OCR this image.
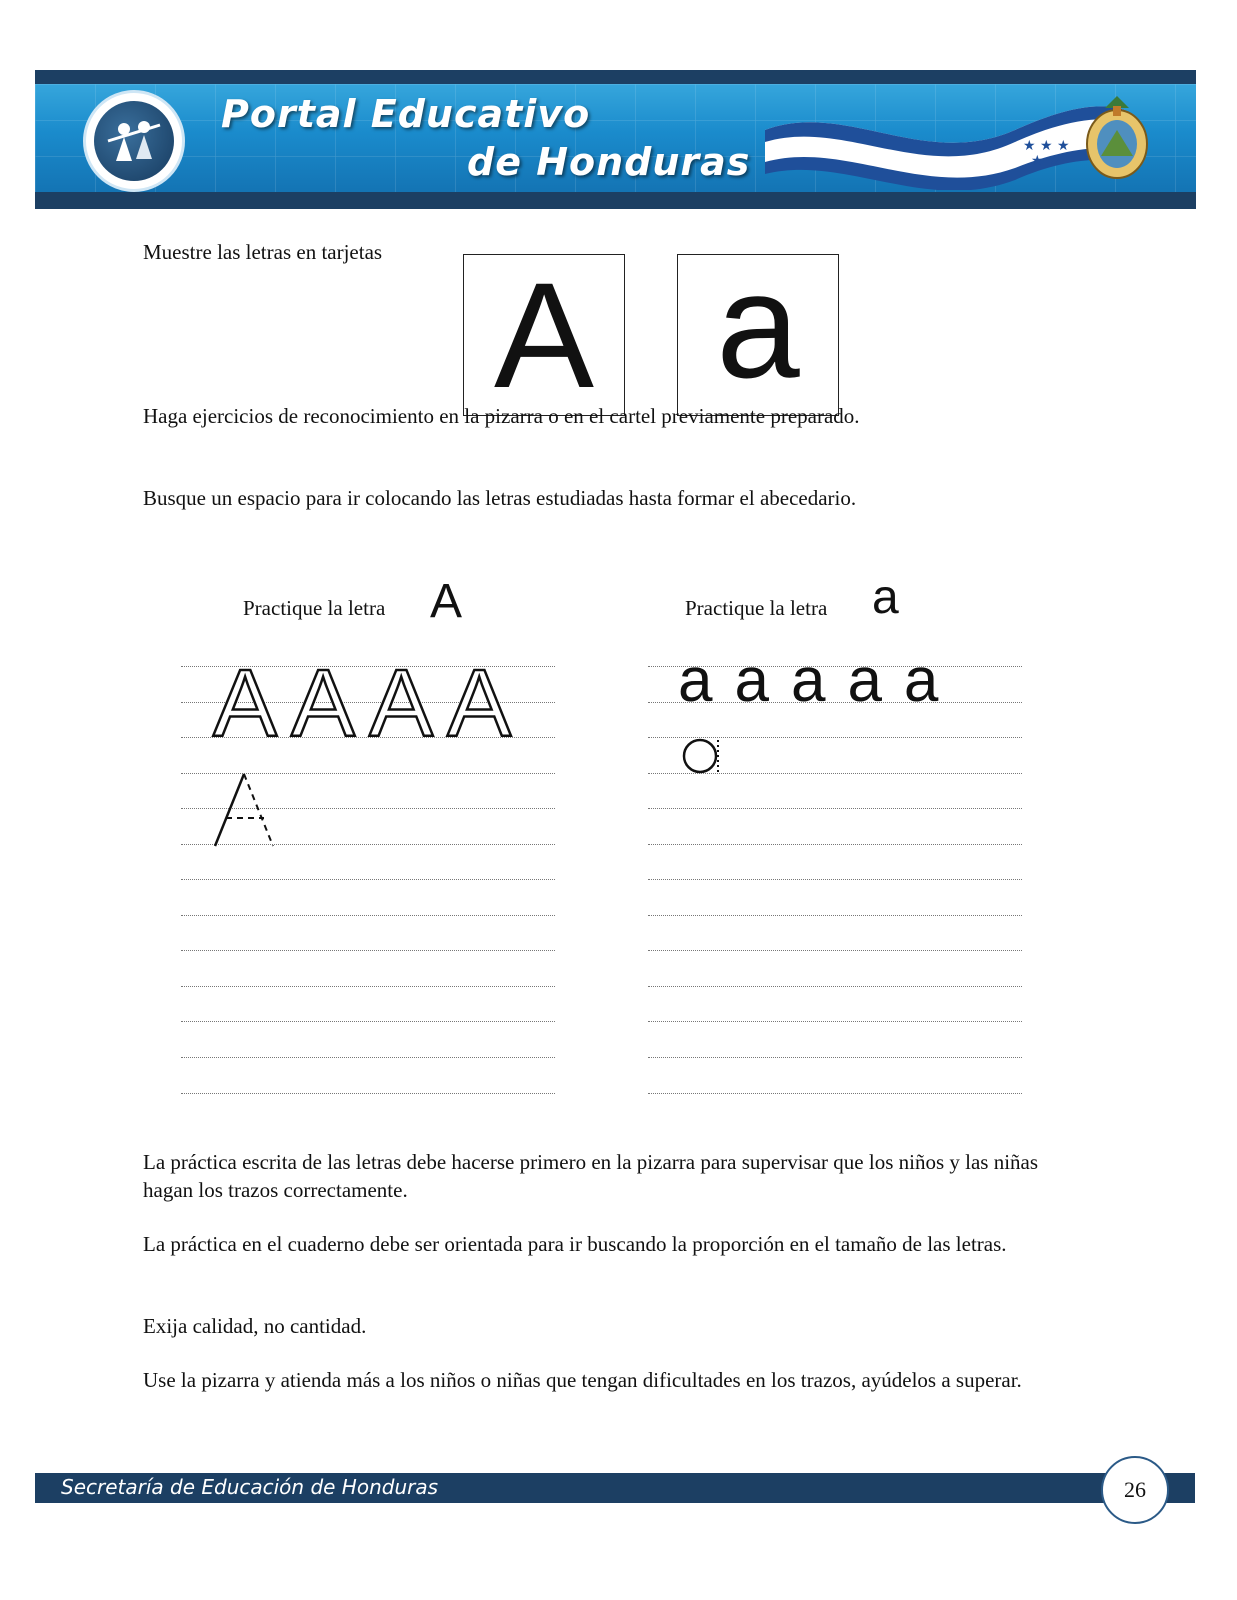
Portal Educativo
de Honduras	★ ★ ★
★ ★

Muestre las letras en tarjetas A a

Haga ejercicios de reconocimiento en la pizarra o en el cartel previamente preparado.

Busque un espacio para ir colocando las letras estudiadas hasta formar el abecedario.

Practique la letra A
AAAA
Practique la letra a
aaaaa

La práctica escrita de las letras debe hacerse primero en la pizarra para supervisar que los niños y las niñas hagan los trazos correctamente.

La práctica en el cuaderno debe ser orientada para ir buscando la proporción en el tamaño de las letras.

Exija calidad, no cantidad.

Use la pizarra y atienda más a los niños o niñas que tengan dificultades en los trazos, ayúdelos a superar.

Secretaría de Educación de Honduras	26
